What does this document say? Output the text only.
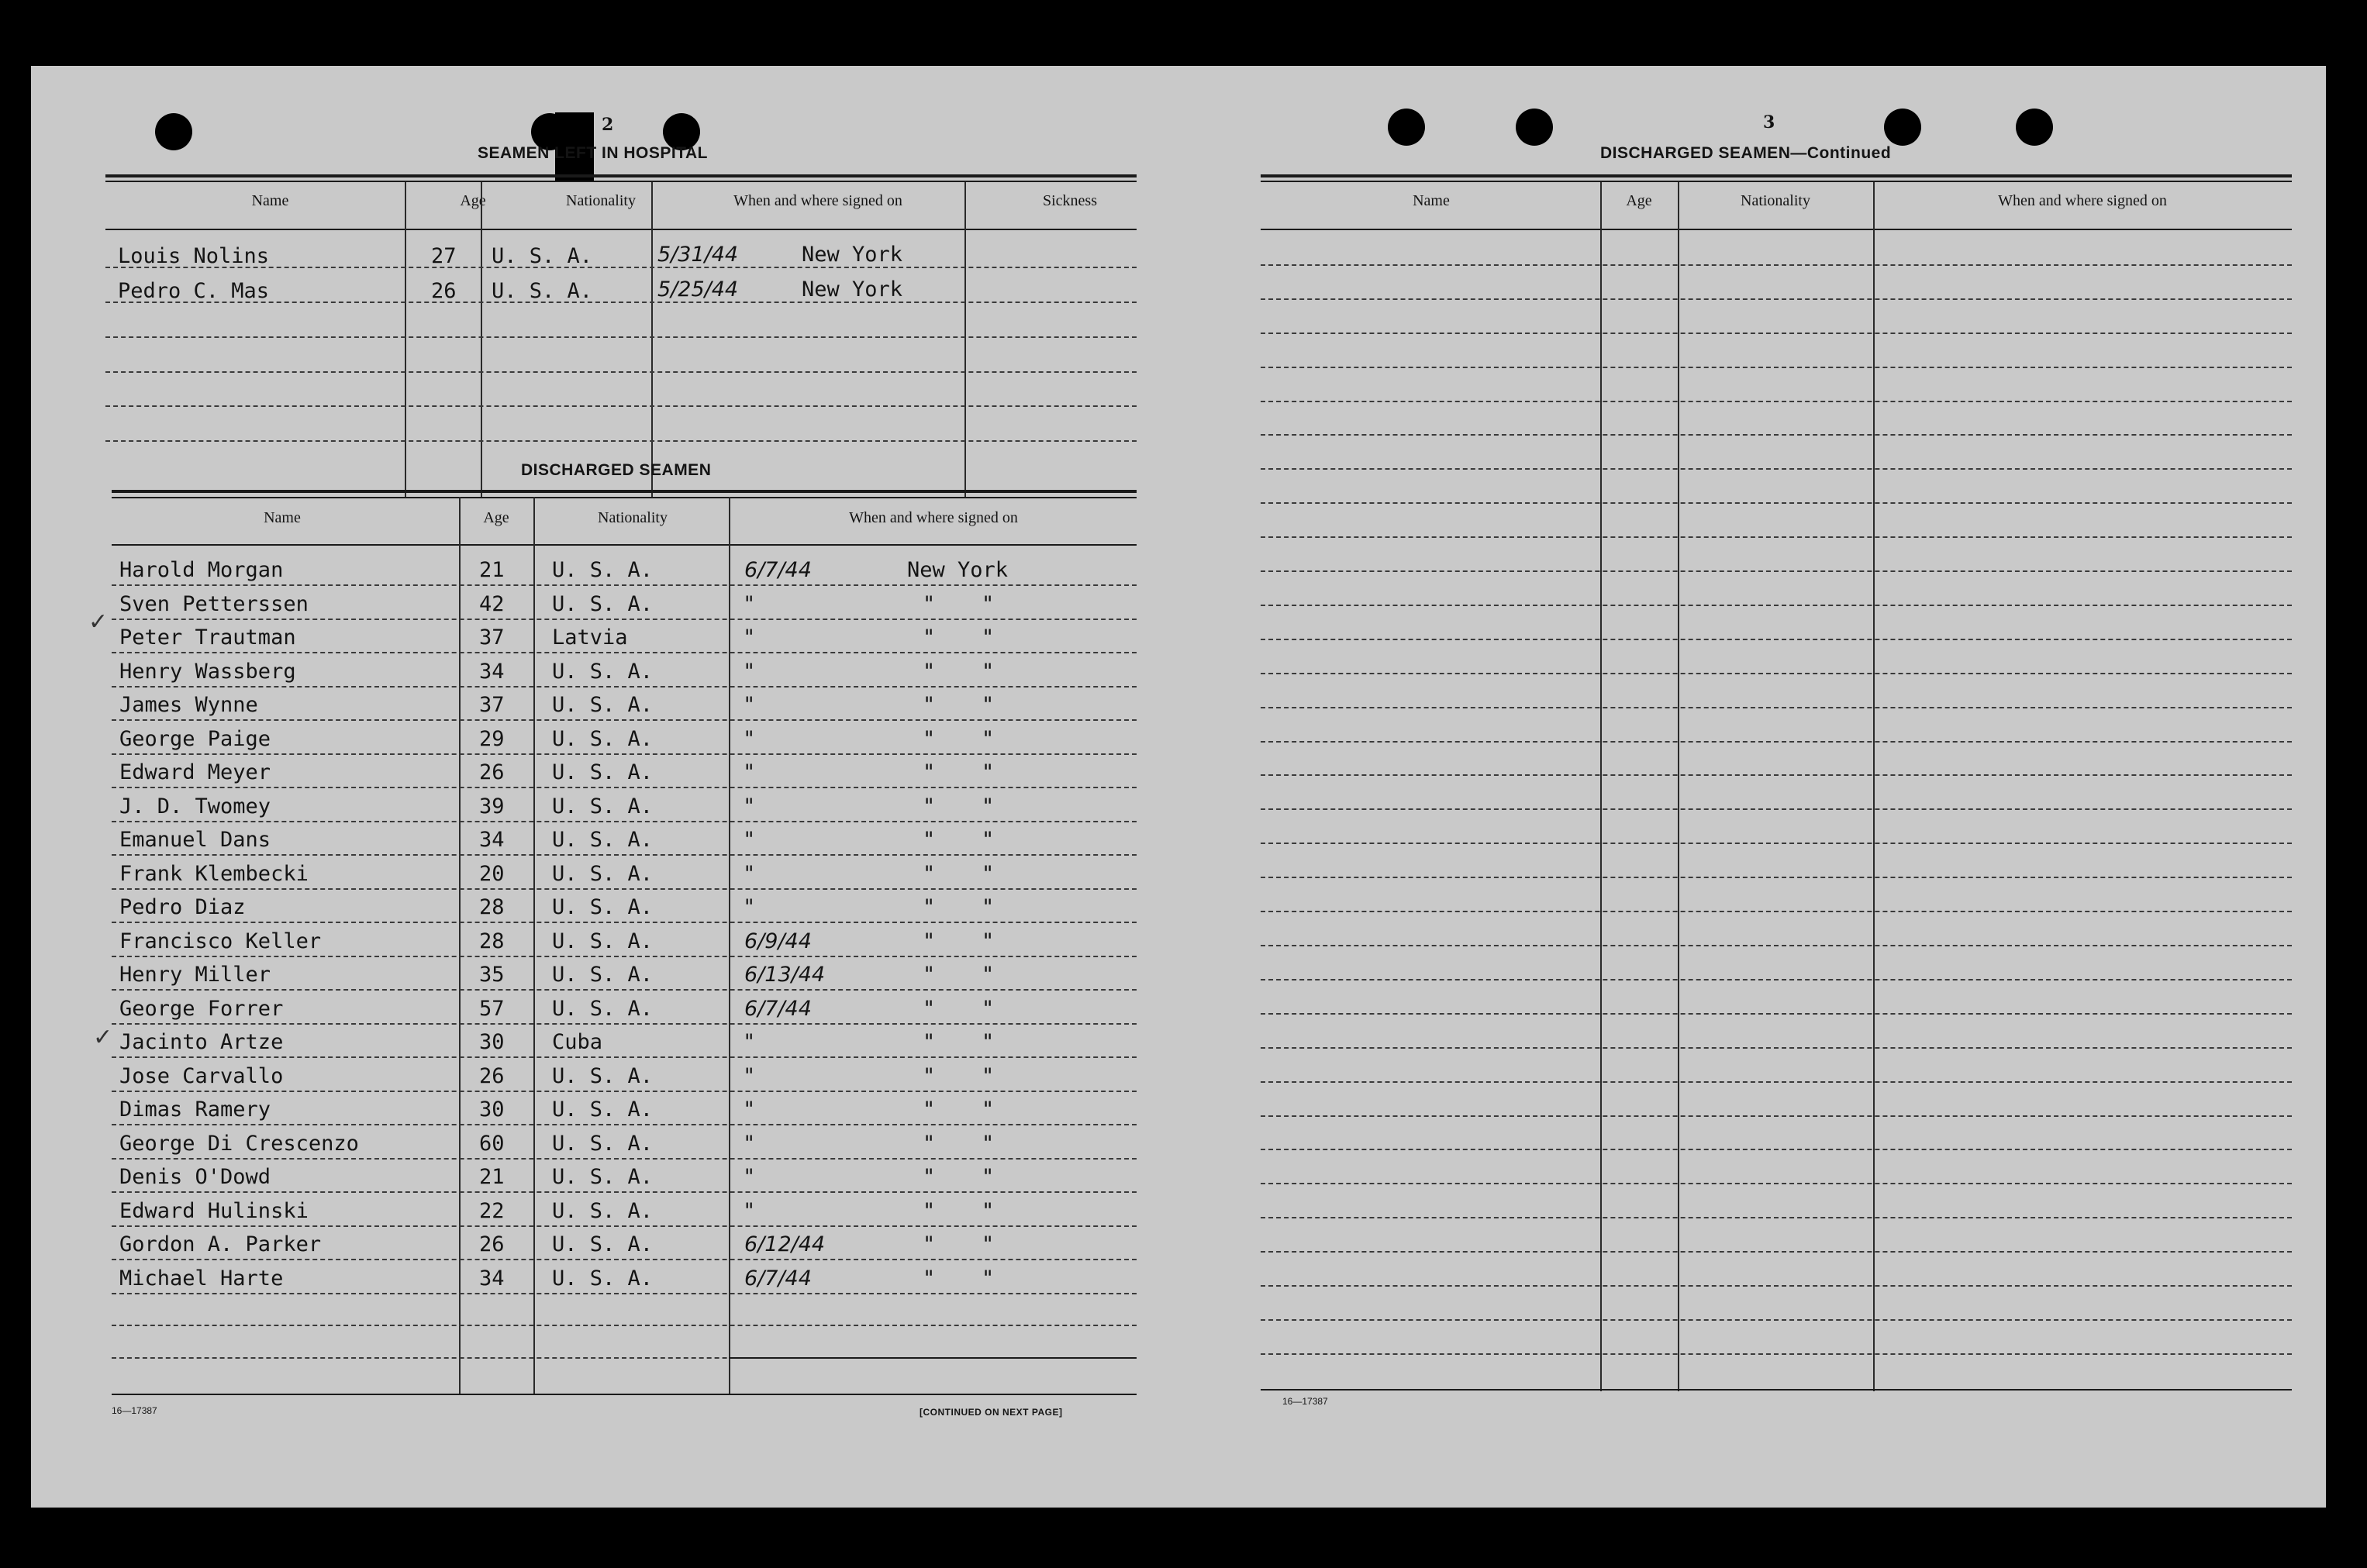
2
SEAMEN LEFT IN HOSPITAL
Name	Age	Nationality	When and where signed on	Sickness
Louis Nolins	27 U. S. A.	5/31/44	New York
Pedro C. Mas	26 U. S. A.	5/25/44	New York
DISCHARGED SEAMEN
Name	Age	Nationality	When and where signed on
Harold Morgan	21 U. S. A.	6/7/44	New York
Sven Petterssen	42 U. S. A.	"	" "
Peter Trautman	37 Latvia	"	" "
Henry Wassberg	34 U. S. A.	"	" "
James Wynne	37 U. S. A.	"	" "
George Paige	29 U. S. A.	"	" "
Edward Meyer	26 U. S. A.	"	" "
J. D. Twomey	39 U. S. A.	"	" "
Emanuel Dans	34 U. S. A.	"	" "
Frank Klembecki	20 U. S. A.	"	" "
Pedro Diaz	28 U. S. A.	"	" "
Francisco Keller	28 U. S. A.	6/9/44	" "
Henry Miller	35 U. S. A.	6/13/44	" "
George Forrer	57 U. S. A.	6/7/44	" "
Jacinto Artze	30 Cuba	"	" "
Jose Carvallo	26 U. S. A.	"	" "
Dimas Ramery	30 U. S. A.	"	" "
George Di Crescenzo	60 U. S. A.	"	" "
Denis O'Dowd	21 U. S. A.	"	" "
Edward Hulinski	22 U. S. A.	"	" "
Gordon A. Parker	26 U. S. A.	6/12/44	" "
Michael Harte	34 U. S. A.	6/7/44	" "
✓
✓
16—17387	[CONTINUED ON NEXT PAGE]
3
DISCHARGED SEAMEN—Continued
Name	Age	Nationality	When and where signed on
16—17387
